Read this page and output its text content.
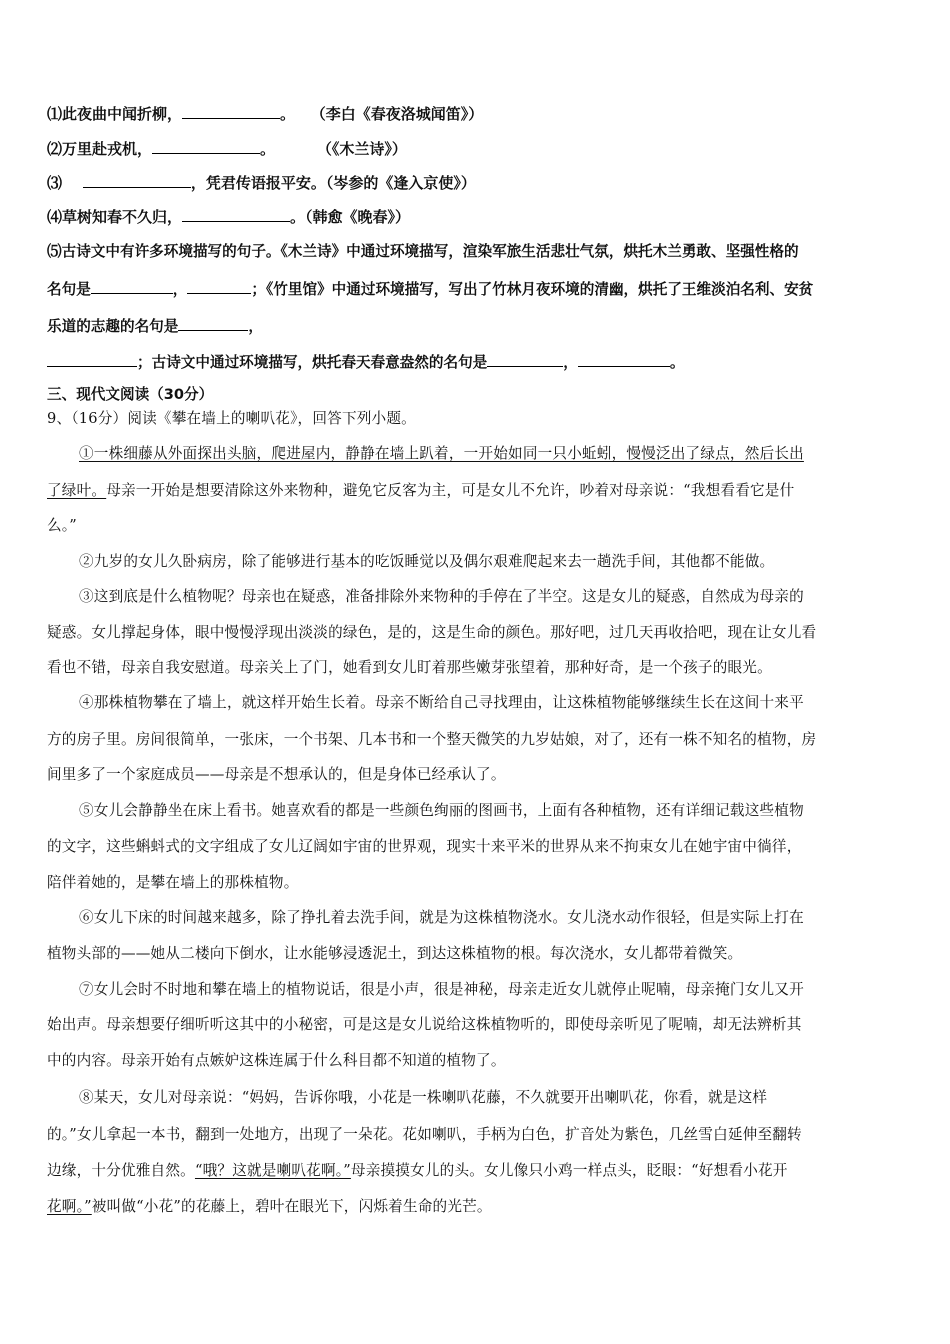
⑴此夜曲中闻折柳，	。 （李白《春夜洛城闻笛》）
⑵万里赴戎机，	。	（《木兰诗》）
⑶	，凭君传语报平安。（岑参的《逢入京使》）
⑷草树知春不久归，	。（韩愈《晚春》）
⑸古诗文中有许多环境描写的句子。《木兰诗》中通过环境描写，渲染军旅生活悲壮气氛，烘托木兰勇敢、坚强性格的
名句是	，	；《竹里馆》中通过环境描写，写出了竹林月夜环境的清幽，烘托了王维淡泊名利、安贫
乐道的志趣的名句是	，
；古诗文中通过环境描写，烘托春天春意盎然的名句是	，	。
三、现代文阅读（30分）
9、（16分）阅读《攀在墙上的喇叭花》，回答下列小题。
①一株细藤从外面探出头脑，爬进屋内，静静在墙上趴着，一开始如同一只小蚯蚓，慢慢泛出了绿点，然后长出
了绿叶。母亲一开始是想要清除这外来物种，避免它反客为主，可是女儿不允许，吵着对母亲说：“我想看看它是什
么。”
②九岁的女儿久卧病房，除了能够进行基本的吃饭睡觉以及偶尔艰难爬起来去一趟洗手间，其他都不能做。
③这到底是什么植物呢？母亲也在疑惑，准备排除外来物种的手停在了半空。这是女儿的疑惑，自然成为母亲的
疑惑。女儿撑起身体，眼中慢慢浮现出淡淡的绿色，是的，这是生命的颜色。那好吧，过几天再收拾吧，现在让女儿看
看也不错，母亲自我安慰道。母亲关上了门，她看到女儿盯着那些嫩芽张望着，那种好奇，是一个孩子的眼光。
④那株植物攀在了墙上，就这样开始生长着。母亲不断给自己寻找理由，让这株植物能够继续生长在这间十来平
方的房子里。房间很简单，一张床，一个书架、几本书和一个整天微笑的九岁姑娘，对了，还有一株不知名的植物，房
间里多了一个家庭成员——母亲是不想承认的，但是身体已经承认了。
⑤女儿会静静坐在床上看书。她喜欢看的都是一些颜色绚丽的图画书，上面有各种植物，还有详细记载这些植物
的文字，这些蝌蚪式的文字组成了女儿辽阔如宇宙的世界观，现实十来平米的世界从来不拘束女儿在她宇宙中徜徉，
陪伴着她的，是攀在墙上的那株植物。
⑥女儿下床的时间越来越多，除了挣扎着去洗手间，就是为这株植物浇水。女儿浇水动作很轻，但是实际上打在
植物头部的——她从二楼向下倒水，让水能够浸透泥土，到达这株植物的根。每次浇水，女儿都带着微笑。
⑦女儿会时不时地和攀在墙上的植物说话，很是小声，很是神秘，母亲走近女儿就停止呢喃，母亲掩门女儿又开
始出声。母亲想要仔细听听这其中的小秘密，可是这是女儿说给这株植物听的，即使母亲听见了呢喃，却无法辨析其
中的内容。母亲开始有点嫉妒这株连属于什么科目都不知道的植物了。
⑧某天，女儿对母亲说：“妈妈，告诉你哦，小花是一株喇叭花藤，不久就要开出喇叭花，你看，就是这样
的。”女儿拿起一本书，翻到一处地方，出现了一朵花。花如喇叭，手柄为白色，扩音处为紫色，几丝雪白延伸至翻转
边缘，十分优雅自然。“哦？这就是喇叭花啊。”母亲摸摸女儿的头。女儿像只小鸡一样点头，眨眼：“好想看小花开
花啊。”被叫做“小花”的花藤上，碧叶在眼光下，闪烁着生命的光芒。
